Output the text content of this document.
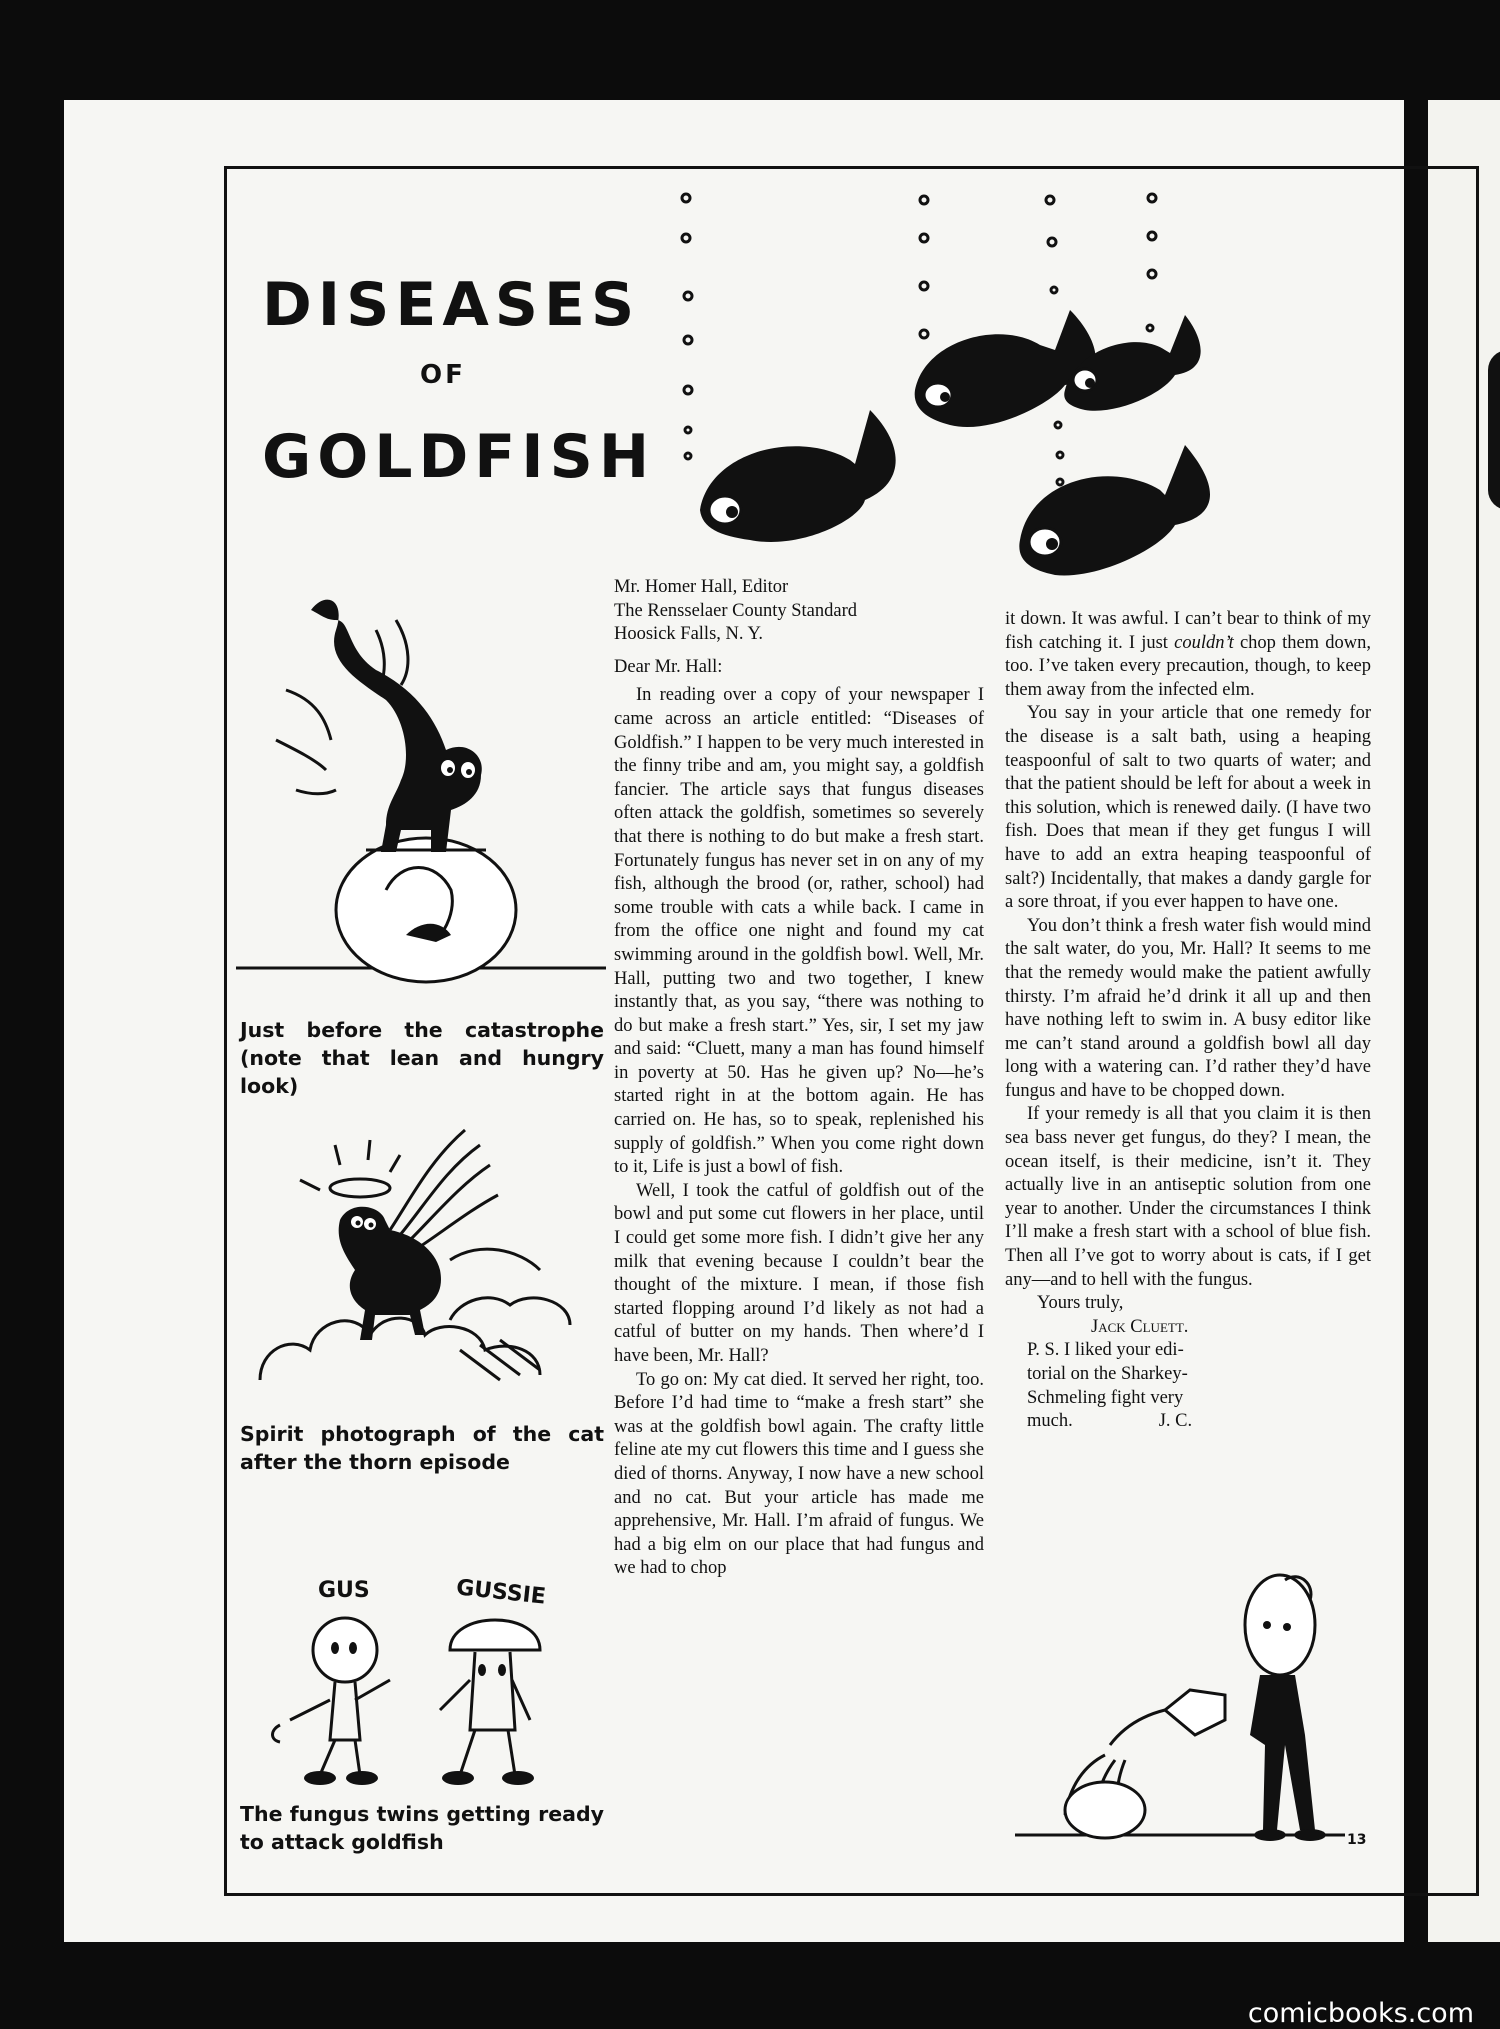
DISEASES
OF
GOLDFISH
GUS	GUSSIE
Mr. Homer Hall, Editor
The Rensselaer County Standard
Hoosick Falls, N. Y.
Dear Mr. Hall:

In reading over a copy of your newspaper I came across an article entitled: “Diseases of Goldfish.” I happen to be very much interested in the finny tribe and am, you might say, a goldfish fancier. The article says that fungus diseases often attack the goldfish, sometimes so severely that there is nothing to do but make a fresh start. Fortunately fungus has never set in on any of my fish, although the brood (or, rather, school) had some trouble with cats a while back. I came in from the office one night and found my cat swimming around in the goldfish bowl. Well, Mr. Hall, putting two and two together, I knew instantly that, as you say, “there was nothing to do but make a fresh start.” Yes, sir, I set my jaw and said: “Cluett, many a man has found himself in poverty at 50. Has he given up? No—he’s started right in at the bottom again. He has carried on. He has, so to speak, replenished his supply of goldfish.” When you come right down to it, Life is just a bowl of fish.

Well, I took the catful of goldfish out of the bowl and put some cut flowers in her place, until I could get some more fish. I didn’t give her any milk that evening because I couldn’t bear the thought of the mixture. I mean, if those fish started flopping around I’d likely as not had a catful of butter on my hands. Then where’d I have been, Mr. Hall?

To go on: My cat died. It served her right, too. Before I’d had time to “make a fresh start” she was at the goldfish bowl again. The crafty little feline ate my cut flowers this time and I guess she died of thorns. Anyway, I now have a new school and no cat. But your article has made me apprehensive, Mr. Hall. I’m afraid of fungus. We had a big elm on our place that had fungus and we had to chop

it down. It was awful. I can’t bear to think of my fish catching it. I just couldn’t chop them down, too. I’ve taken every precaution, though, to keep them away from the infected elm.

You say in your article that one remedy for the disease is a salt bath, using a heaping teaspoonful of salt to two quarts of water; and that the patient should be left for about a week in this solution, which is renewed daily. (I have two fish. Does that mean if they get fungus I will have to add an extra heaping teaspoonful of salt?) Incidentally, that makes a dandy gargle for a sore throat, if you ever happen to have one.

You don’t think a fresh water fish would mind the salt water, do you, Mr. Hall? It seems to me that the remedy would make the patient awfully thirsty. I’m afraid he’d drink it all up and then have nothing left to swim in. A busy editor like me can’t stand around a goldfish bowl all day long with a watering can. I’d rather they’d have fungus and have to be chopped down.

If your remedy is all that you claim it is then sea bass never get fungus, do they? I mean, the ocean itself, is their medicine, isn’t it. They actually live in an antiseptic solution from one year to another. Under the circumstances I think I’ll make a fresh start with a school of blue fish. Then all I’ve got to worry about is cats, if I get any—and to hell with the fungus.

Yours truly,
Jack Cluett.
P. S. I liked your edi-
torial on the Sharkey-
Schmeling fight very
much.	J. C.
Just before the catastrophe (note that lean and hungry look)
Spirit photograph of the cat after the thorn episode
The fungus twins getting ready to attack goldfish	13
comicbooks.com
